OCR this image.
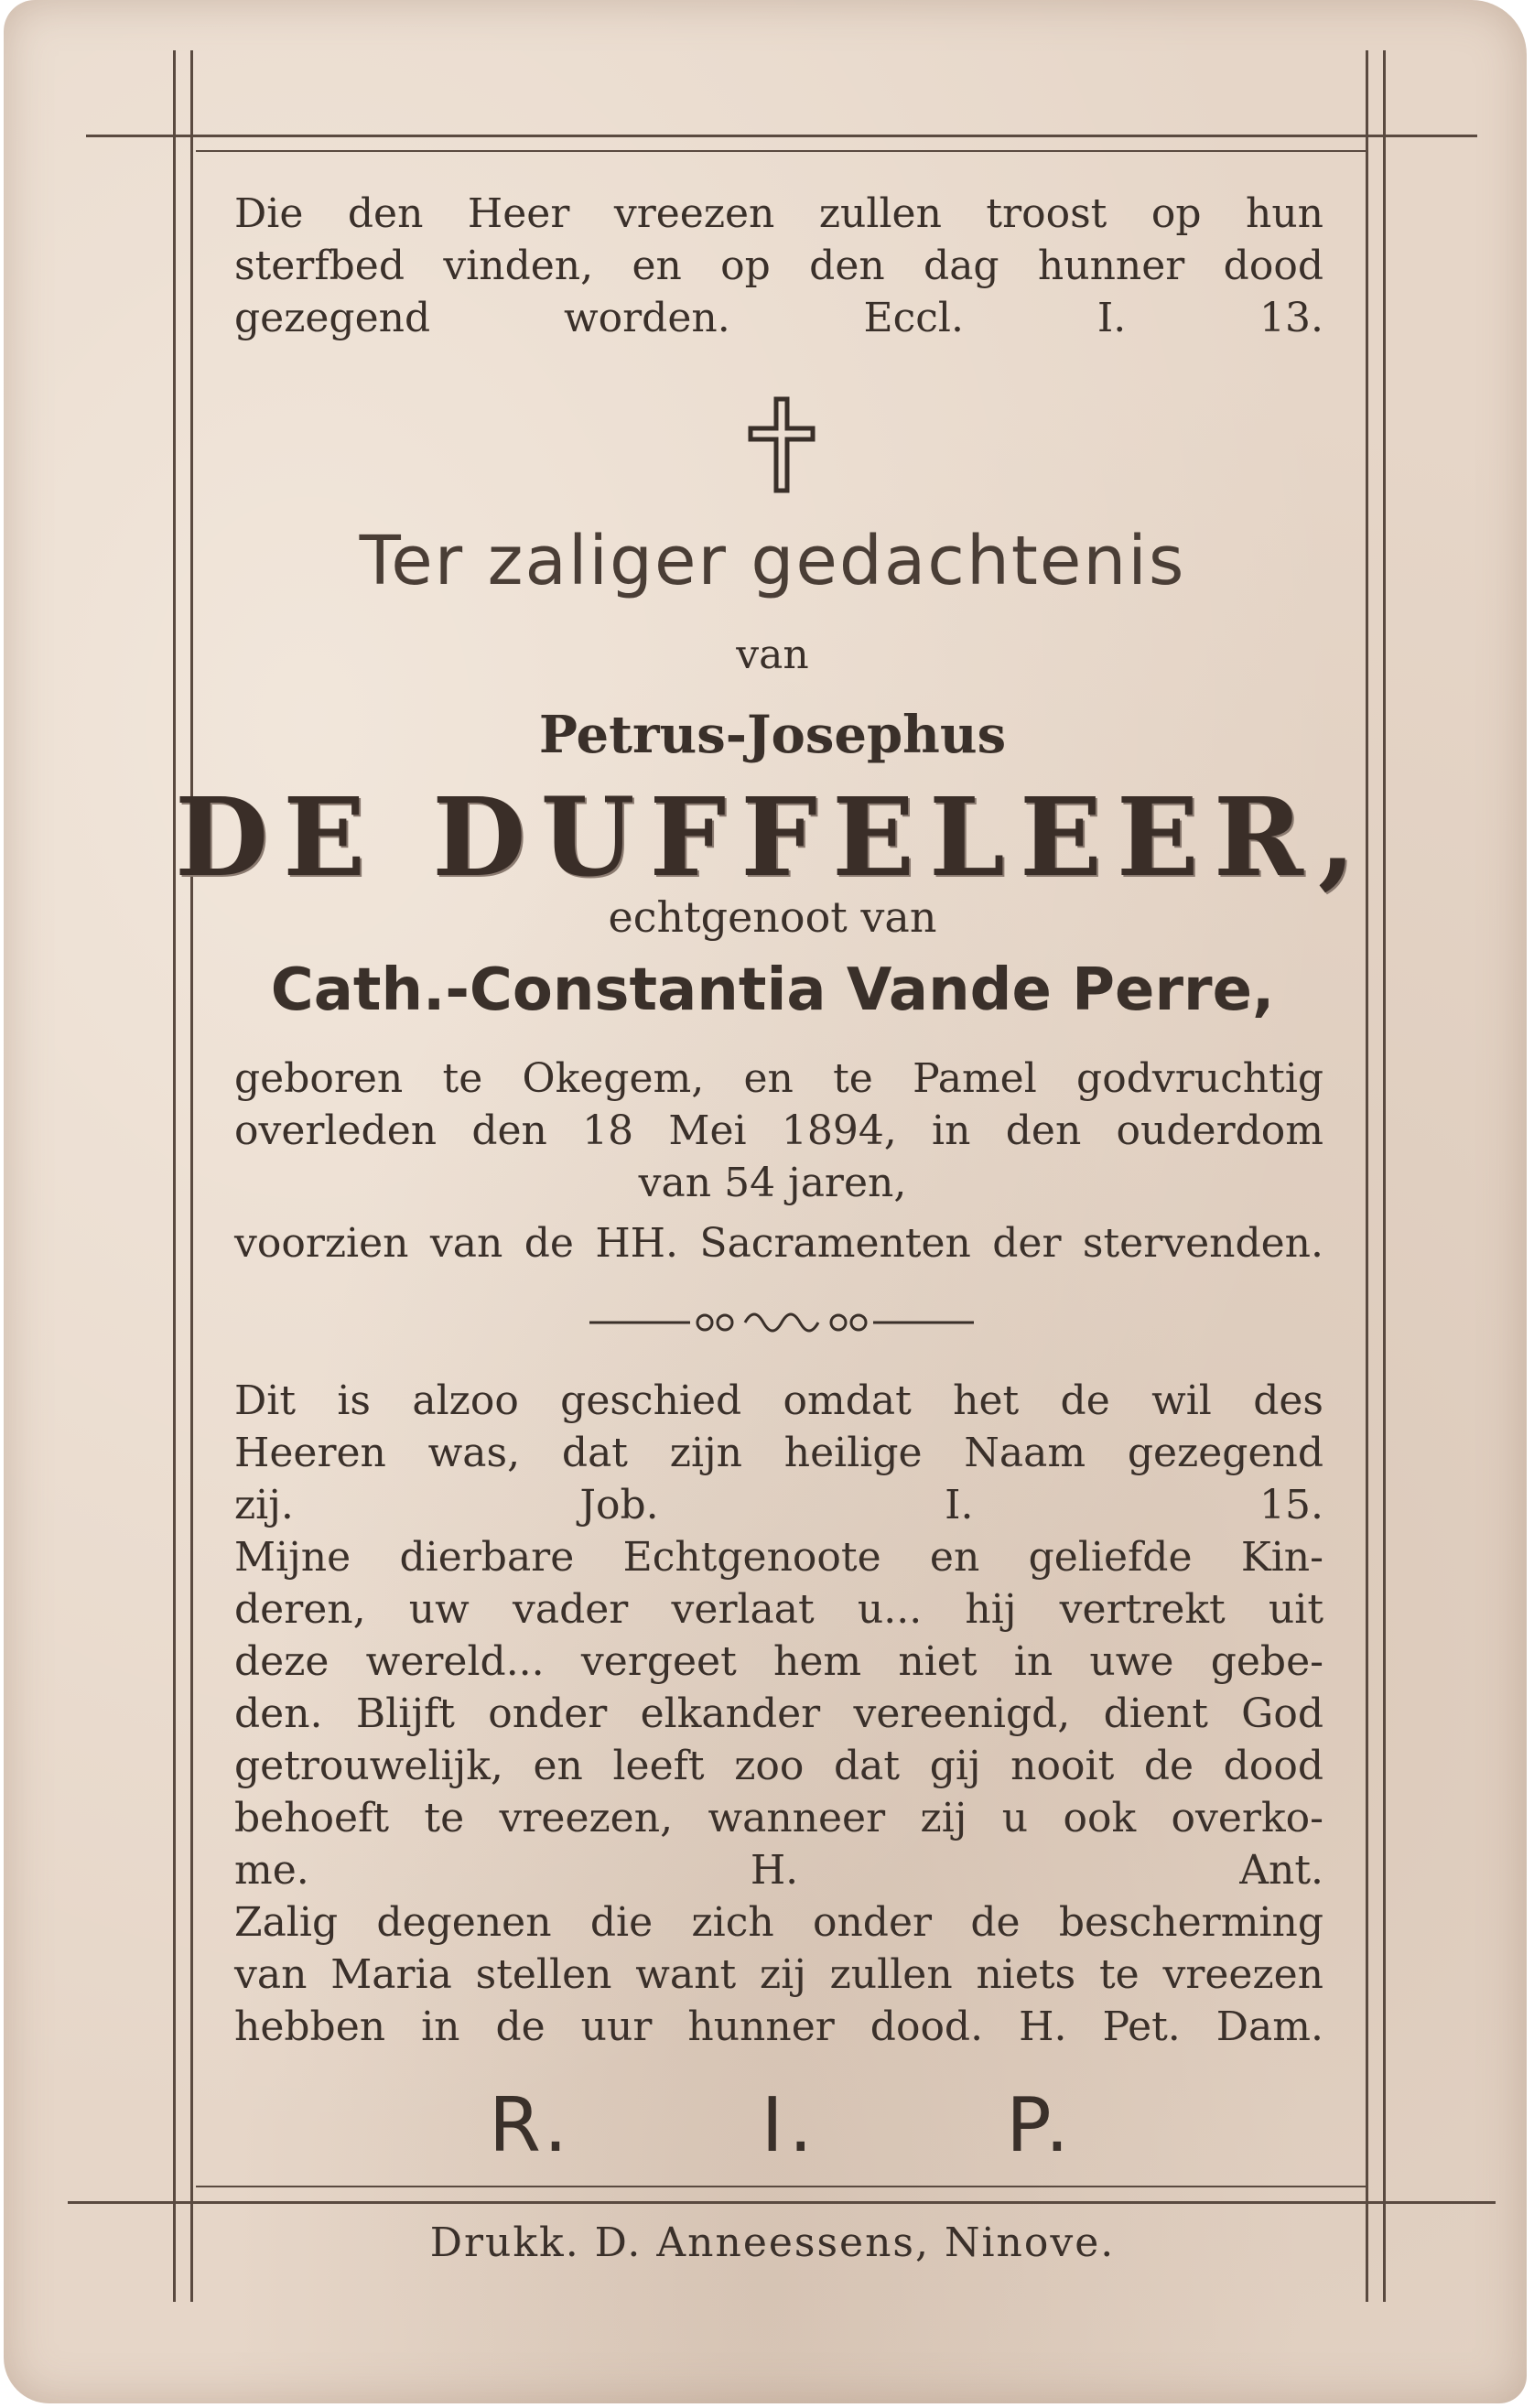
Die den Heer vreezen zullen troost op hun
sterfbed vinden, en op den dag hunner dood
gezegend worden.	Eccl. I. 13.
Ter zaliger gedachtenis
van
Petrus-Josephus
DE DUFFELEER,
echtgenoot van
Cath.-Constantia Vande Perre,
geboren te Okegem, en te Pamel godvruchtig
overleden den 18 Mei 1894, in den ouderdom
van 54 jaren,
voorzien van de HH. Sacramenten der stervenden.
Dit is alzoo geschied omdat het de wil des
Heeren was, dat zijn heilige Naam gezegend
zij.	Job. I. 15.
Mijne dierbare Echtgenoote en geliefde Kin-
deren, uw vader verlaat u... hij vertrekt uit
deze wereld... vergeet hem niet in uwe gebe-
den. Blijft onder elkander vereenigd, dient God
getrouwelijk, en leeft zoo dat gij nooit de dood
behoeft te vreezen, wanneer zij u ook overko-
me.	H. Ant.
Zalig degenen die zich onder de bescherming
van Maria stellen want zij zullen niets te vreezen
hebben in de uur hunner dood. H. Pet. Dam.
R.	I.	P.
Drukk. D. Anneessens, Ninove.
